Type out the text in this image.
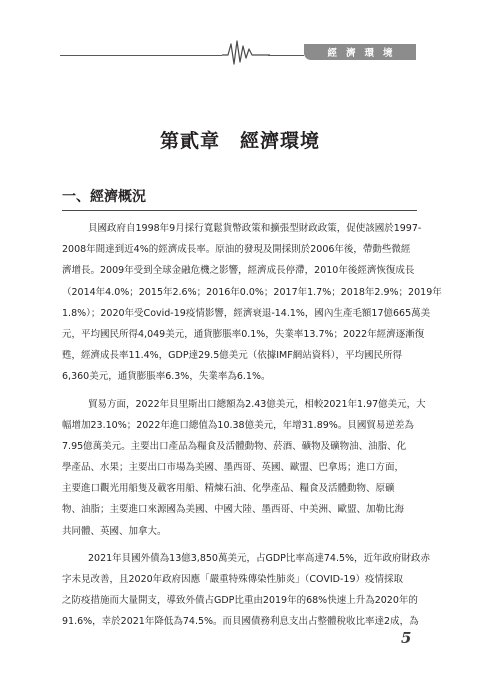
經濟環境
第貳章　經濟環境
一、經濟概況
貝國政府自1998年9月採行寬鬆貨幣政策和擴張型財政政策，促使該國於1997-
2008年間達到近4%的經濟成長率。原油的發現及開採則於2006年後，帶動些微經
濟增長。2009年受到全球金融危機之影響，經濟成長停滯，2010年後經濟恢復成長
（2014年4.0%；2015年2.6%；2016年0.0%；2017年1.7%；2018年2.9%；2019年
1.8%）；2020年受Covid-19疫情影響，經濟衰退-14.1%，國內生產毛額17億665萬美
元，平均國民所得4,049美元，通貨膨脹率0.1%，失業率13.7%；2022年經濟逐漸復
甦，經濟成長率11.4%，GDP達29.5億美元（依據IMF網站資料），平均國民所得
6,360美元，通貨膨脹率6.3%，失業率為6.1%。
貿易方面，2022年貝里斯出口總額為2.43億美元，相較2021年1.97億美元，大
幅增加23.10%；2022年進口總值為10.38億美元，年增31.89%。貝國貿易逆差為
7.95億萬美元。主要出口產品為糧食及活體動物、菸酒、礦物及礦物油、油脂、化
學產品、水果；主要出口市場為美國、墨西哥、英國、歐盟、巴拿馬；進口方面，
主要進口觀光用船隻及載客用船、精煉石油、化學產品、糧食及活體動物、原礦
物、油脂；主要進口來源國為美國、中國大陸、墨西哥、中美洲、歐盟、加勒比海
共同體、英國、加拿大。
2021年貝國外債為13億3,850萬美元，占GDP比率高達74.5%，近年政府財政赤
字未見改善，且2020年政府因應「嚴重特殊傳染性肺炎」（COVID-19）疫情採取
之防疫措施而大量開支，導致外債占GDP比重由2019年的68%快速上升為2020年的
91.6%，幸於2021年降低為74.5%。而貝國債務利息支出占整體稅收比率達2成，為
5
